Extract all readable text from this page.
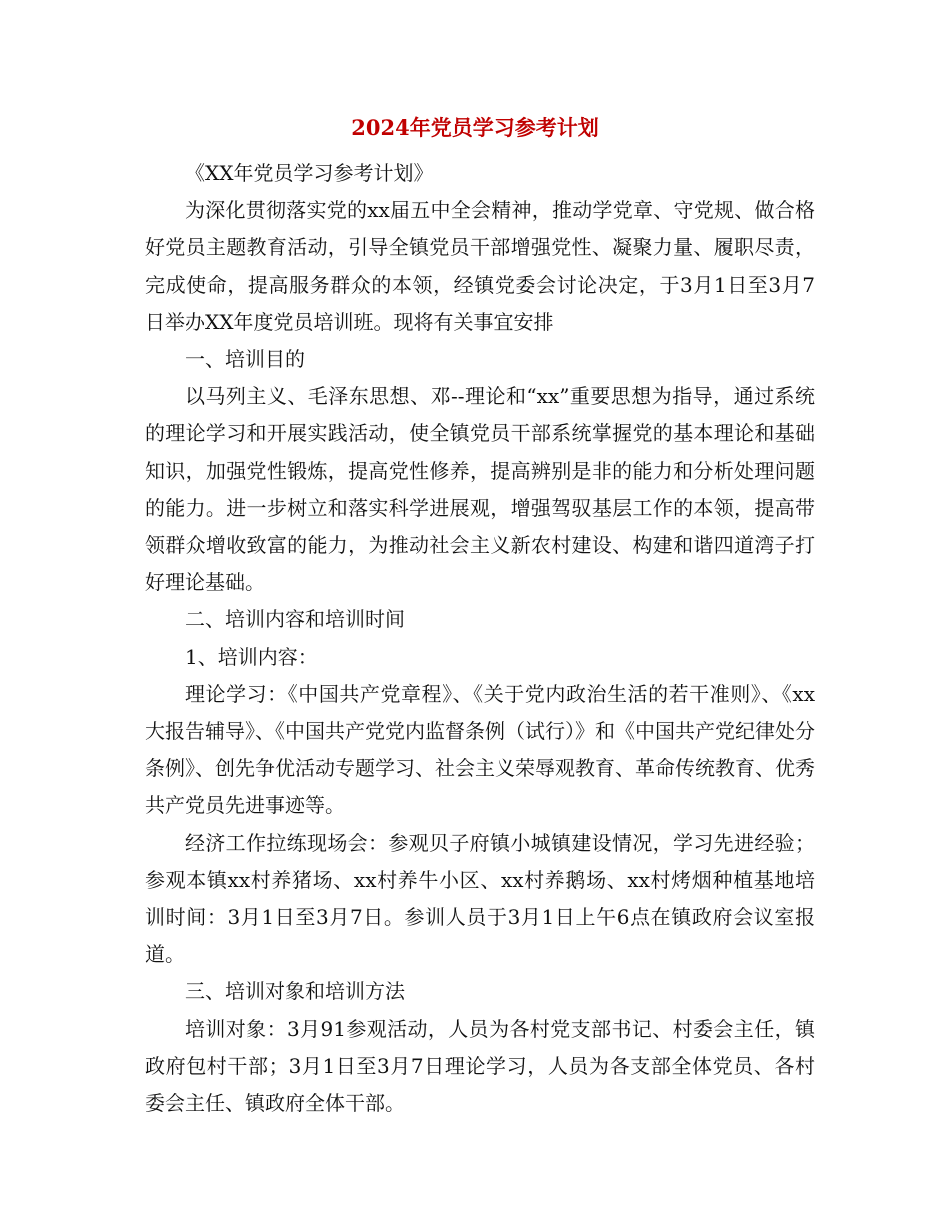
2024年党员学习参考计划

《XX年党员学习参考计划》

为深化贯彻落实党的xx届五中全会精神，推动学党章、守党规、做合格好党员主题教育活动，引导全镇党员干部增强党性、凝聚力量、履职尽责，完成使命，提高服务群众的本领，经镇党委会讨论决定，于3月1日至3月7日举办XX年度党员培训班。现将有关事宜安排

一、培训目的

以马列主义、毛泽东思想、邓--理论和“xx”重要思想为指导，通过系统的理论学习和开展实践活动，使全镇党员干部系统掌握党的基本理论和基础知识，加强党性锻炼，提高党性修养，提高辨别是非的能力和分析处理问题的能力。进一步树立和落实科学进展观，增强驾驭基层工作的本领，提高带领群众增收致富的能力，为推动社会主义新农村建设、构建和谐四道湾子打好理论基础。

二、培训内容和培训时间

1、培训内容：

理论学习：《中国共产党章程》、《关于党内政治生活的若干准则》、《xx大报告辅导》、《中国共产党党内监督条例（试行）》和《中国共产党纪律处分条例》、创先争优活动专题学习、社会主义荣辱观教育、革命传统教育、优秀共产党员先进事迹等。

经济工作拉练现场会：参观贝子府镇小城镇建设情况，学习先进经验；参观本镇xx村养猪场、xx村养牛小区、xx村养鹅场、xx村烤烟种植基地培训时间：3月1日至3月7日。参训人员于3月1日上午6点在镇政府会议室报道。

三、培训对象和培训方法

培训对象：3月91参观活动，人员为各村党支部书记、村委会主任，镇政府包村干部；3月1日至3月7日理论学习，人员为各支部全体党员、各村委会主任、镇政府全体干部。
